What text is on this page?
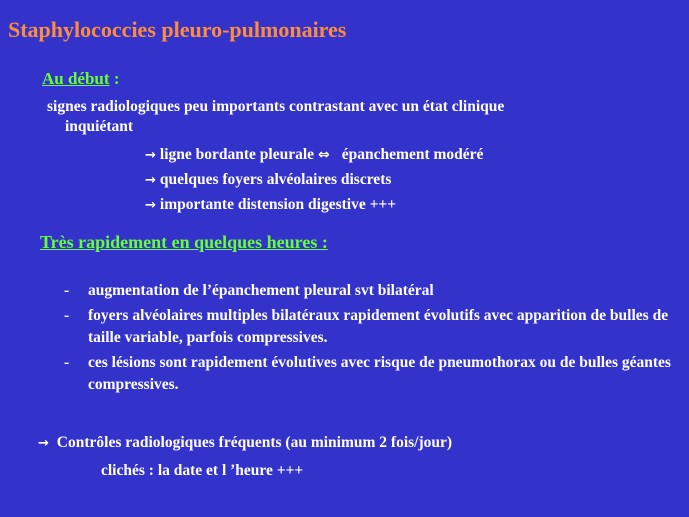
Staphylococcies pleuro-pulmonaires
Au début :
signes radiologiques peu importants contrastant avec un état clinique
inquiétant
→ ligne bordante pleurale ⇔ épanchement modéré
→ quelques foyers alvéolaires discrets
→ importante distension digestive +++
Très rapidement en quelques heures :
-	augmentation de l’épanchement pleural svt bilatéral
-	foyers alvéolaires multiples bilatéraux rapidement évolutifs avec apparition de bulles de taille variable, parfois compressives.
-	ces lésions sont rapidement évolutives avec risque de pneumothorax ou de bulles géantes compressives.
→ Contrôles radiologiques fréquents (au minimum 2 fois/jour)
clichés : la date et l ’heure +++
